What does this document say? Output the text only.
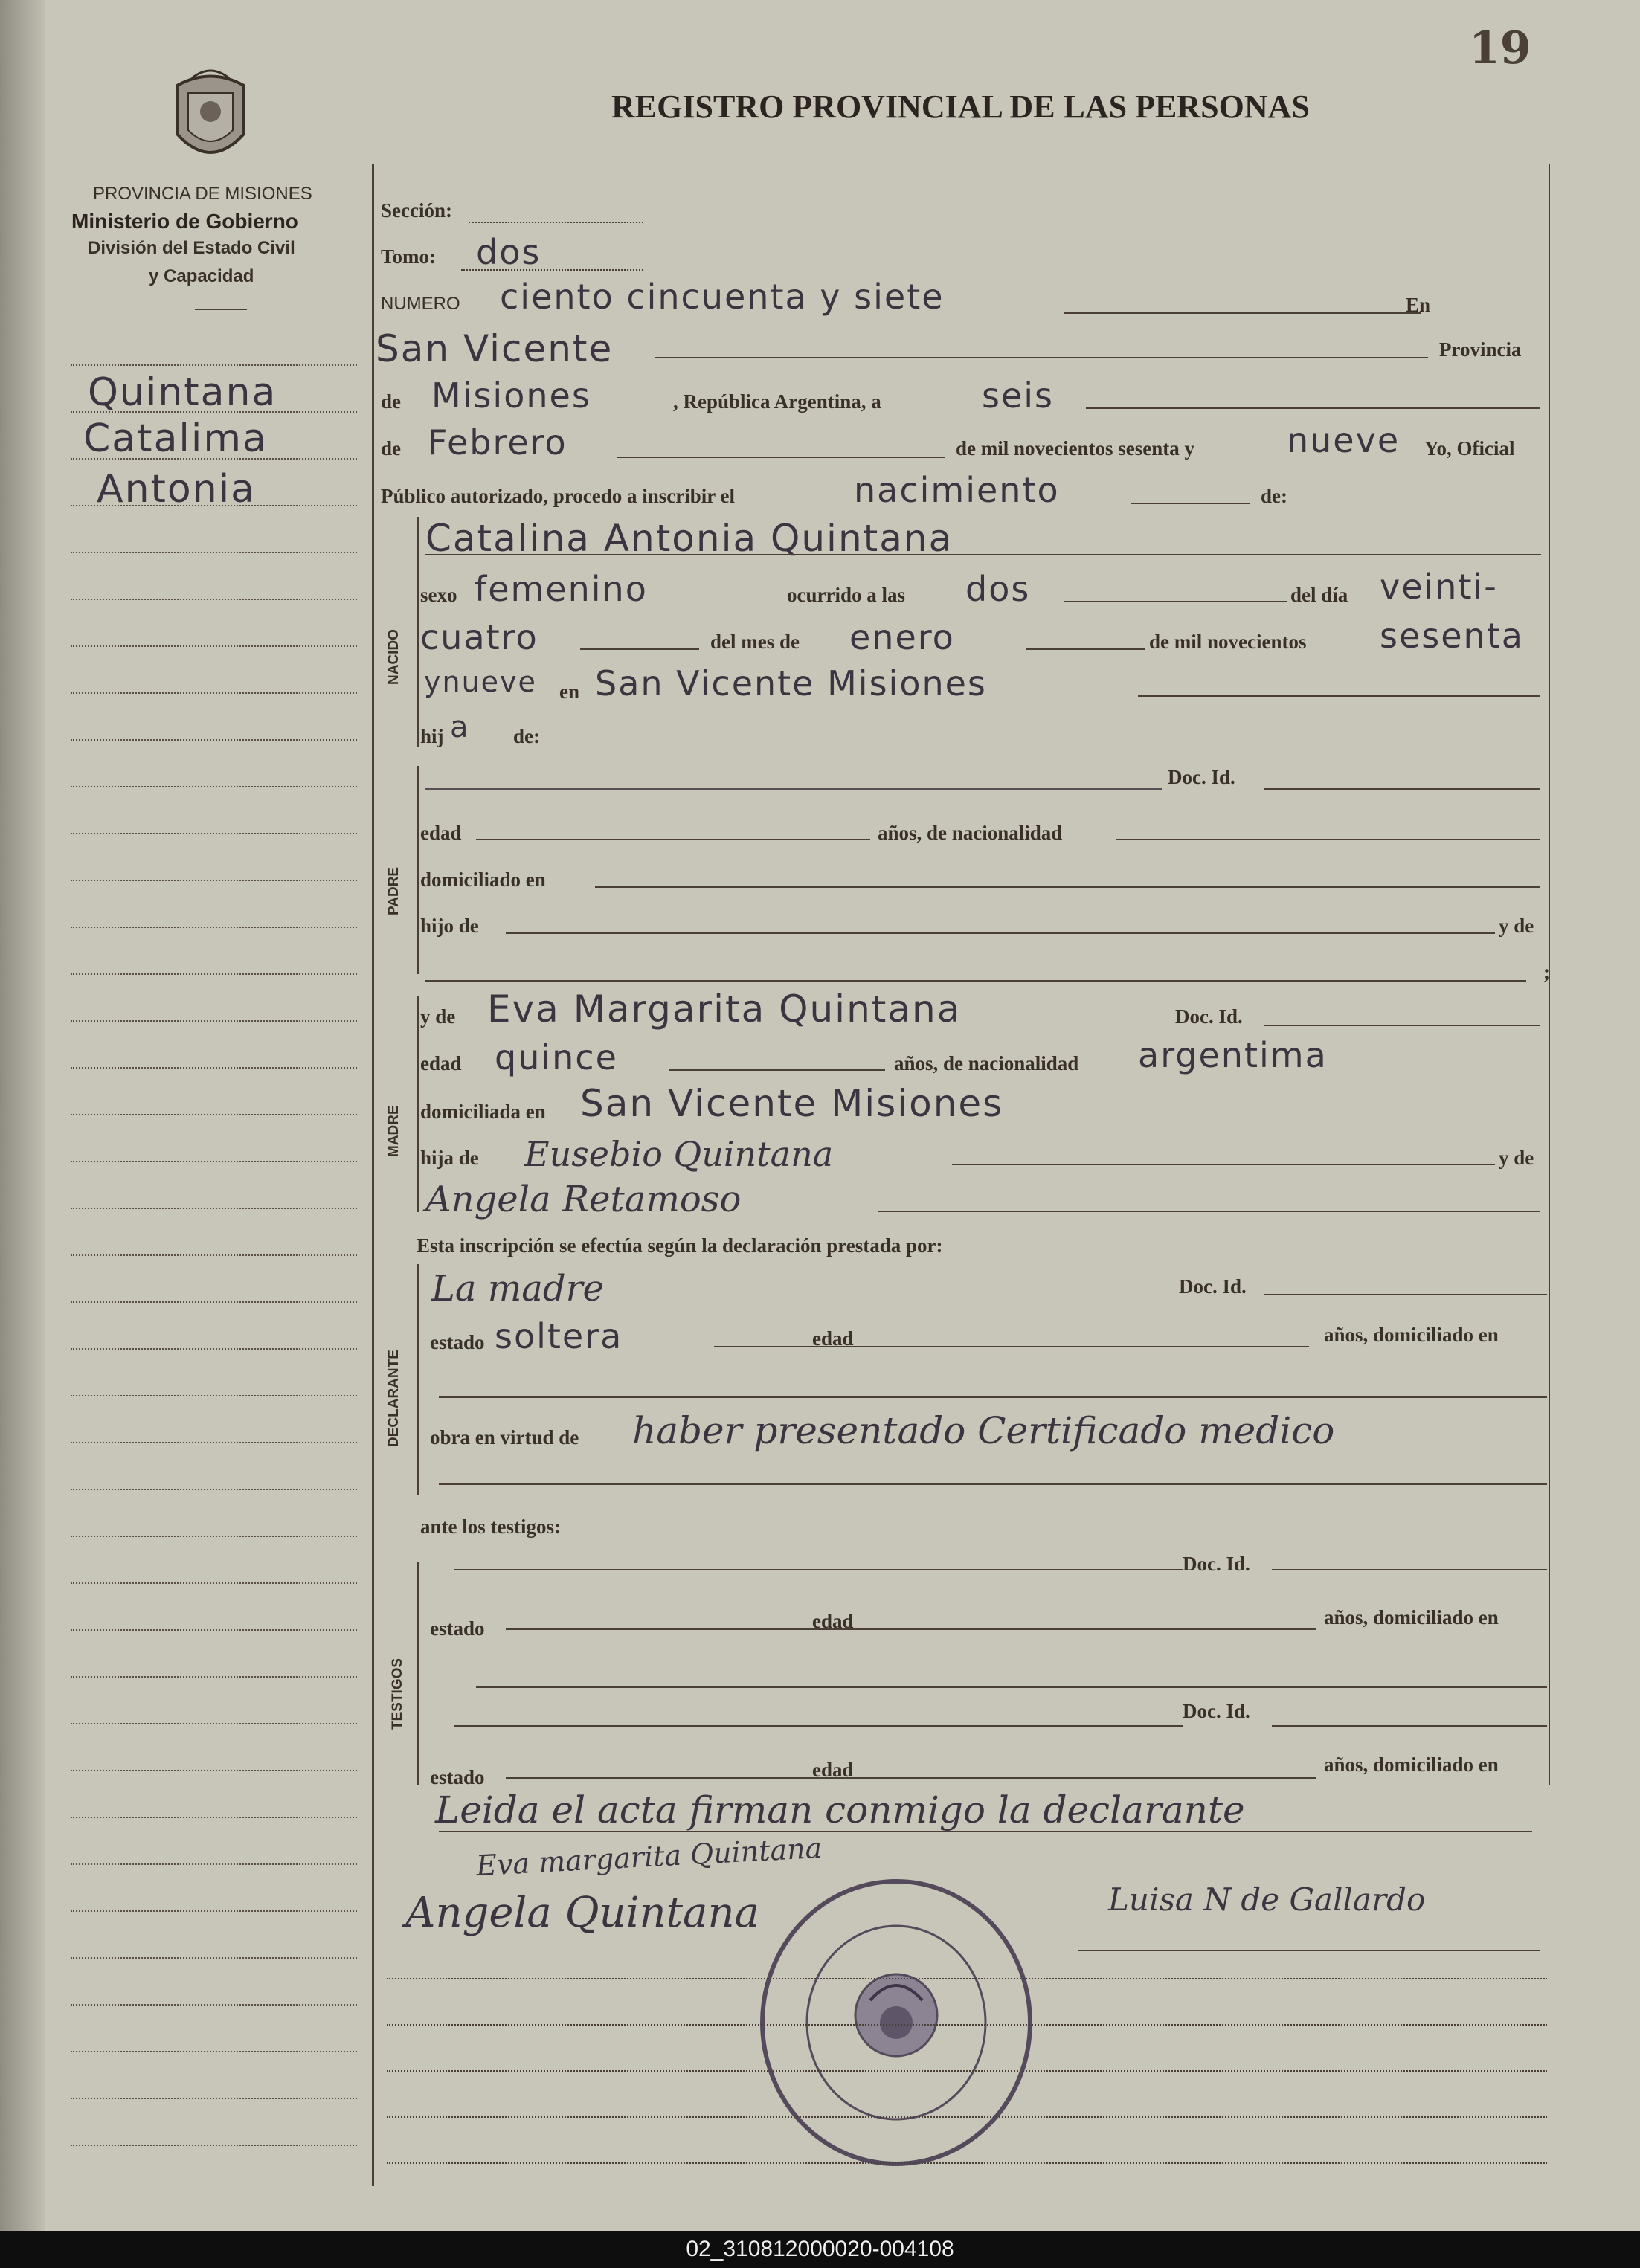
19
REGISTRO PROVINCIAL DE LAS PERSONAS
PROVINCIA DE MISIONES
Ministerio de Gobierno
División del Estado Civil
y Capacidad
Quintana
Catalima
Antonia
Sección:
Tomo: dos
NUMERO ciento cincuenta y siete	En
San Vicente	Provincia
de Misiones	, República Argentina, a	seis
de Febrero	de mil novecientos sesenta y	nueve Yo, Oficial
Público autorizado, procedo a inscribir el	nacimiento	de:
NACIDO
Catalina Antonia Quintana
sexo femenino	ocurrido a las dos	del día veinti-
cuatro	del mes de enero	de mil novecientos sesenta
ynueve en San Vicente Misiones
hij a de:
PADRE
Doc. Id.
edad	años, de nacionalidad
domiciliado en
hijo de	y de
;
MADRE
y de Eva Margarita Quintana	Doc. Id.
edad quince	años, de nacionalidad argentima
domiciliada en San Vicente Misiones
hija de Eusebio Quintana	y de
Angela Retamoso
Esta inscripción se efectúa según la declaración prestada por:
DECLARANTE
La madre	Doc. Id.
estado soltera	edad	años, domiciliado en
obra en virtud de haber presentado Certificado medico
ante los testigos:
TESTIGOS
Doc. Id.
estado	edad	años, domiciliado en
Doc. Id.
estado	edad	años, domiciliado en
Leida el acta firman conmigo la declarante
Eva margarita Quintana
Angela Quintana	Luisa N de Gallardo
02_310812000020-004108
